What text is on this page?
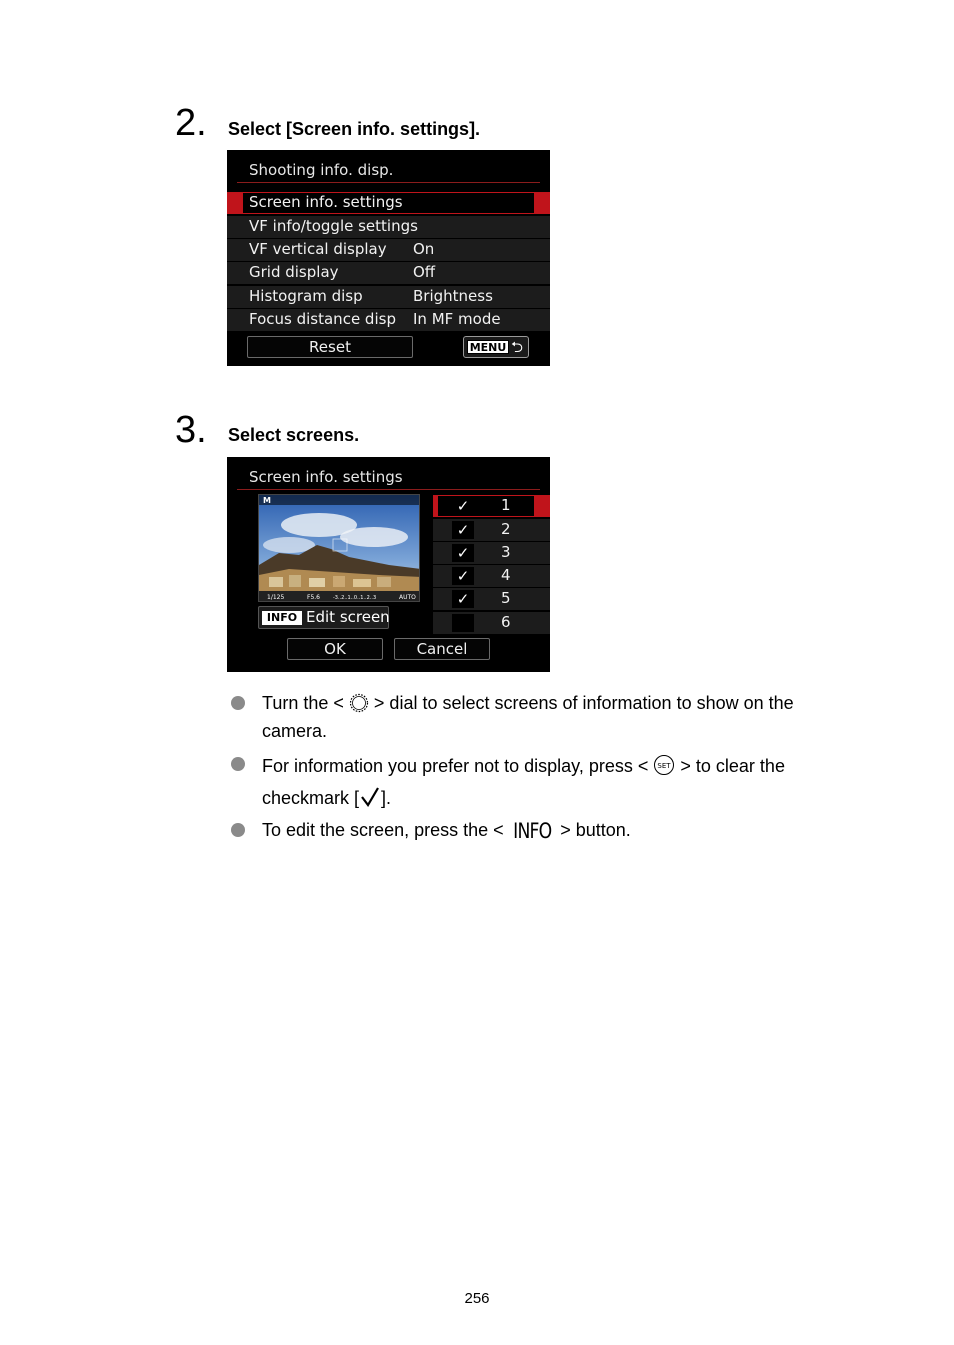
2. Select [Screen info. settings].
Shooting info. disp.
Screen info. settings
VF info/toggle settings
VF vertical display On
Grid display	Off
Histogram disp	Brightness
Focus distance disp In MF mode
Reset	MENU ⮌
3. Select screens.
Screen info. settings
M
1/125	F5.6	-3..2..1..0..1..2..3	AUTO
INFO Edit screen
✓	1
✓	2
✓	3
✓	4
✓	5
6
OK	Cancel
Turn the < > dial to select screens of information to show on the
camera.
For information you prefer not to display, press < SET > to clear the
checkmark [ ].
To edit the screen, press the < INFO > button.
256
